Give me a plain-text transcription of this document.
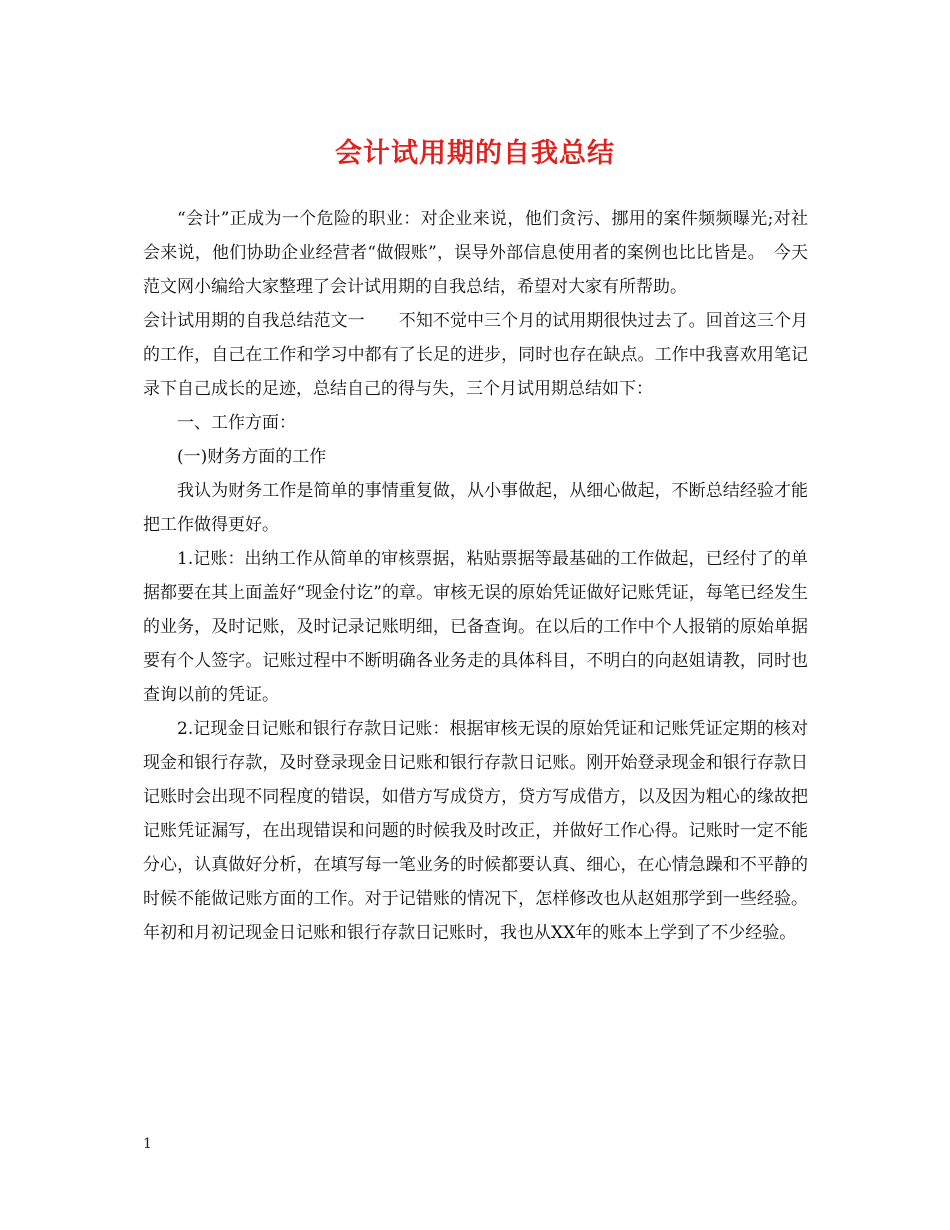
会计试用期的自我总结

“会计”正成为一个危险的职业：对企业来说，他们贪污、挪用的案件频频曝光;对社会来说，他们协助企业经营者“做假账”，误导外部信息使用者的案例也比比皆是。　今天范文网小编给大家整理了会计试用期的自我总结，希望对大家有所帮助。

会计试用期的自我总结范文一　　不知不觉中三个月的试用期很快过去了。回首这三个月的工作，自己在工作和学习中都有了长足的进步，同时也存在缺点。工作中我喜欢用笔记录下自己成长的足迹，总结自己的得与失，三个月试用期总结如下：

一、工作方面：

(一)财务方面的工作

我认为财务工作是简单的事情重复做，从小事做起，从细心做起，不断总结经验才能把工作做得更好。

1.记账：出纳工作从简单的审核票据，粘贴票据等最基础的工作做起，已经付了的单据都要在其上面盖好“现金付讫”的章。审核无误的原始凭证做好记账凭证，每笔已经发生的业务，及时记账，及时记录记账明细，已备查询。在以后的工作中个人报销的原始单据要有个人签字。记账过程中不断明确各业务走的具体科目，不明白的向赵姐请教，同时也查询以前的凭证。

2.记现金日记账和银行存款日记账：根据审核无误的原始凭证和记账凭证定期的核对现金和银行存款，及时登录现金日记账和银行存款日记账。刚开始登录现金和银行存款日记账时会出现不同程度的错误，如借方写成贷方，贷方写成借方，以及因为粗心的缘故把记账凭证漏写，在出现错误和问题的时候我及时改正，并做好工作心得。记账时一定不能分心，认真做好分析，在填写每一笔业务的时候都要认真、细心，在心情急躁和不平静的时候不能做记账方面的工作。对于记错账的情况下，怎样修改也从赵姐那学到一些经验。年初和月初记现金日记账和银行存款日记账时，我也从XX年的账本上学到了不少经验。

1
